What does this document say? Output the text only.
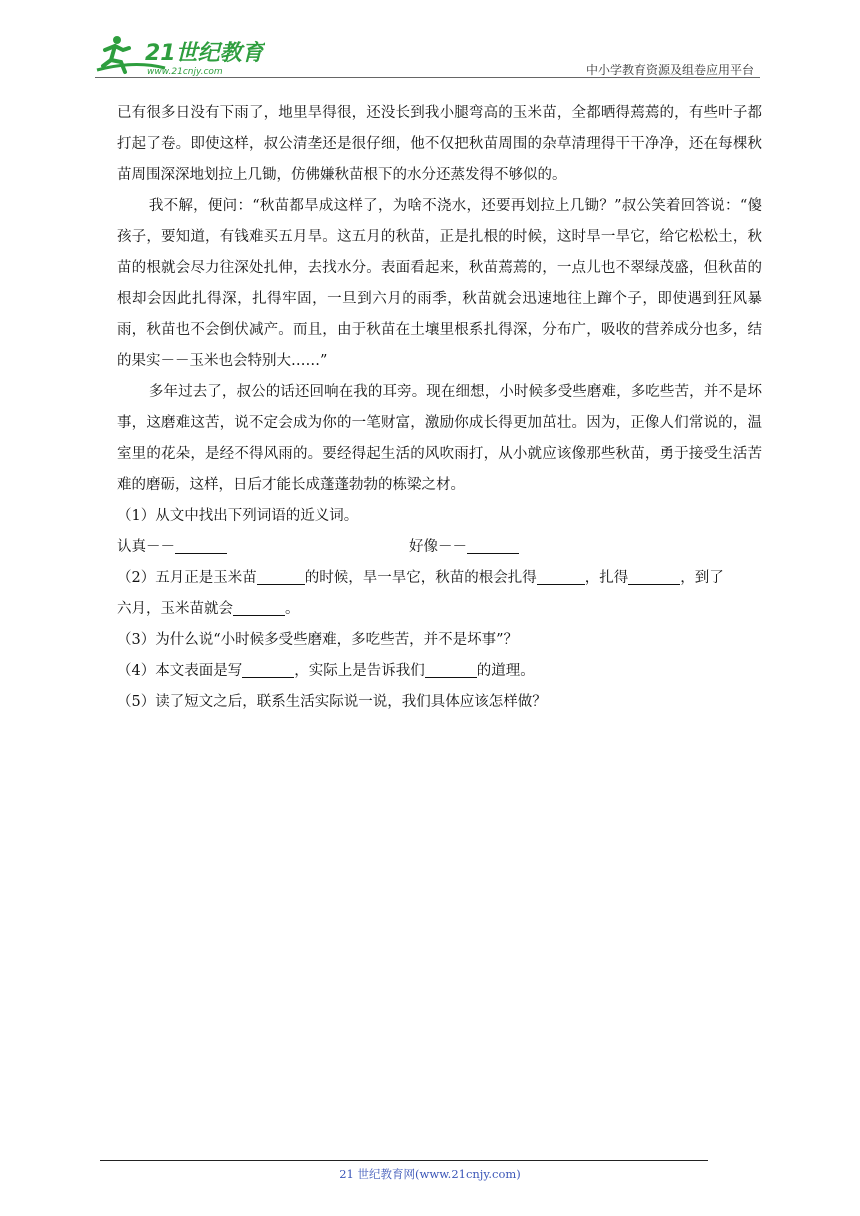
21世纪教育
www.21cnjy.com	中小学教育资源及组卷应用平台

已有很多日没有下雨了，地里旱得很，还没长到我小腿弯高的玉米苗，全都晒得蔫蔫的，有些叶子都打起了卷。即使这样，叔公清垄还是很仔细，他不仅把秋苗周围的杂草清理得干干净净，还在每棵秋苗周围深深地划拉上几锄，仿佛嫌秋苗根下的水分还蒸发得不够似的。

我不解，便问：“秋苗都旱成这样了，为啥不浇水，还要再划拉上几锄？”叔公笑着回答说：“傻孩子，要知道，有钱难买五月旱。这五月的秋苗，正是扎根的时候，这时旱一旱它，给它松松土，秋苗的根就会尽力往深处扎伸，去找水分。表面看起来，秋苗蔫蔫的，一点儿也不翠绿茂盛，但秋苗的根却会因此扎得深，扎得牢固，一旦到六月的雨季，秋苗就会迅速地往上蹿个子，即使遇到狂风暴雨，秋苗也不会倒伏减产。而且，由于秋苗在土壤里根系扎得深，分布广，吸收的营养成分也多，结的果实－－玉米也会特别大……”

多年过去了，叔公的话还回响在我的耳旁。现在细想，小时候多受些磨难，多吃些苦，并不是坏事，这磨难这苦，说不定会成为你的一笔财富，激励你成长得更加茁壮。因为，正像人们常说的，温室里的花朵，是经不得风雨的。要经得起生活的风吹雨打，从小就应该像那些秋苗，勇于接受生活苦难的磨砺，这样，日后才能长成蓬蓬勃勃的栋梁之材。

（1）从文中找出下列词语的近义词。
认真－－	好像－－
（2）五月正是玉米苗	的时候，旱一旱它，秋苗的根会扎得	，扎得	，到了
六月，玉米苗就会	。
（3）为什么说“小时候多受些磨难，多吃些苦，并不是坏事”？
（4）本文表面是写	，实际上是告诉我们	的道理。
（5）读了短文之后，联系生活实际说一说，我们具体应该怎样做？
21 世纪教育网(www.21cnjy.com)
